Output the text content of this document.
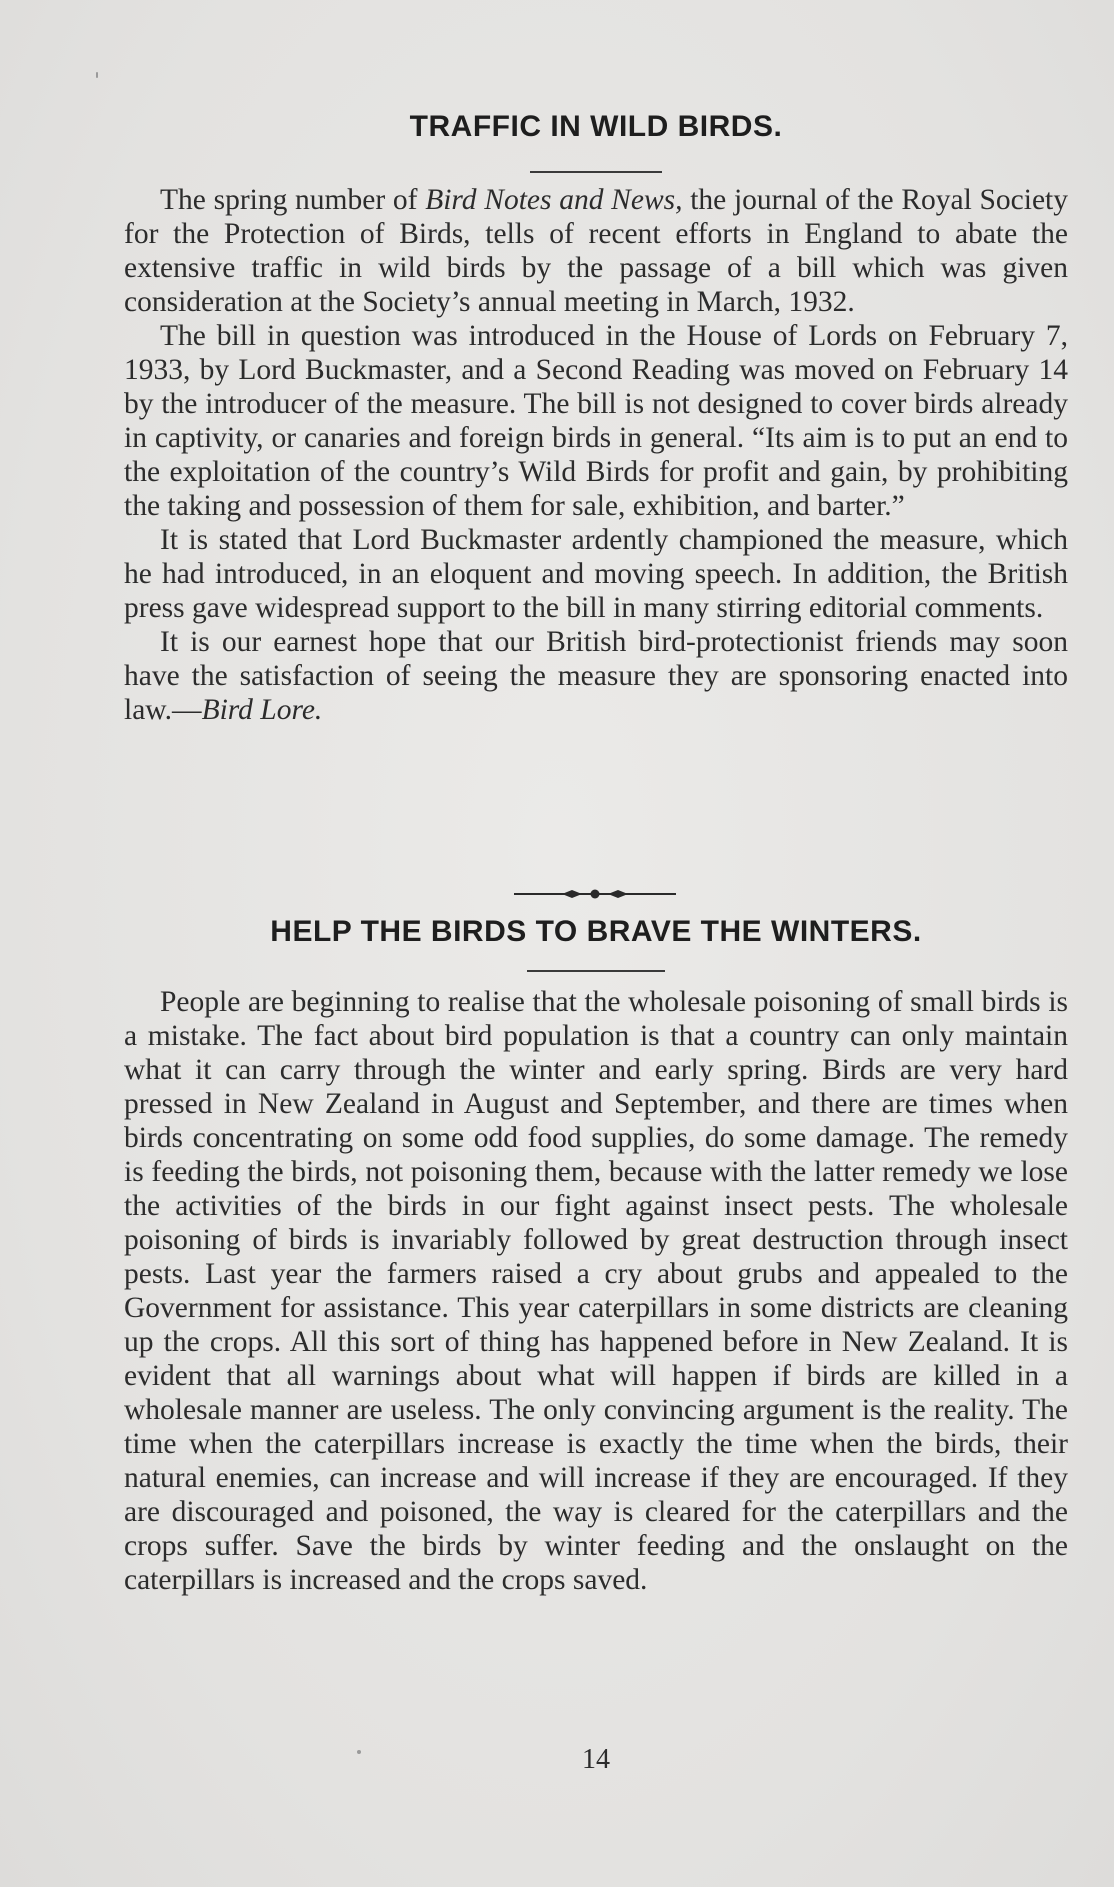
TRAFFIC IN WILD BIRDS.

The spring number of Bird Notes and News, the journal of the Royal Society for the Protection of Birds, tells of recent efforts in England to abate the extensive traffic in wild birds by the passage of a bill which was given consideration at the Society’s annual meeting in March, 1932.

The bill in question was introduced in the House of Lords on February 7, 1933, by Lord Buckmaster, and a Second Reading was moved on February 14 by the introducer of the measure. The bill is not designed to cover birds already in captivity, or canaries and foreign birds in general. “Its aim is to put an end to the exploitation of the country’s Wild Birds for profit and gain, by prohibiting the taking and possession of them for sale, exhibition, and barter.”

It is stated that Lord Buckmaster ardently championed the measure, which he had introduced, in an eloquent and moving speech. In addition, the British press gave widespread support to the bill in many stirring editorial comments.

It is our earnest hope that our British bird-protectionist friends may soon have the satisfaction of seeing the measure they are sponsoring enacted into law.—Bird Lore.

HELP THE BIRDS TO BRAVE THE WINTERS.

People are beginning to realise that the wholesale poisoning of small birds is a mistake. The fact about bird population is that a country can only maintain what it can carry through the winter and early spring. Birds are very hard pressed in New Zealand in August and September, and there are times when birds concentrating on some odd food supplies, do some damage. The remedy is feeding the birds, not poisoning them, because with the latter remedy we lose the activities of the birds in our fight against insect pests. The wholesale poisoning of birds is invariably followed by great destruction through insect pests. Last year the farmers raised a cry about grubs and appealed to the Government for assistance. This year caterpillars in some districts are cleaning up the crops. All this sort of thing has happened before in New Zealand. It is evident that all warnings about what will happen if birds are killed in a wholesale manner are useless. The only convincing argument is the reality. The time when the caterpillars increase is exactly the time when the birds, their natural enemies, can increase and will increase if they are encouraged. If they are discouraged and poisoned, the way is cleared for the caterpillars and the crops suffer. Save the birds by winter feeding and the onslaught on the caterpillars is increased and the crops saved.

14
